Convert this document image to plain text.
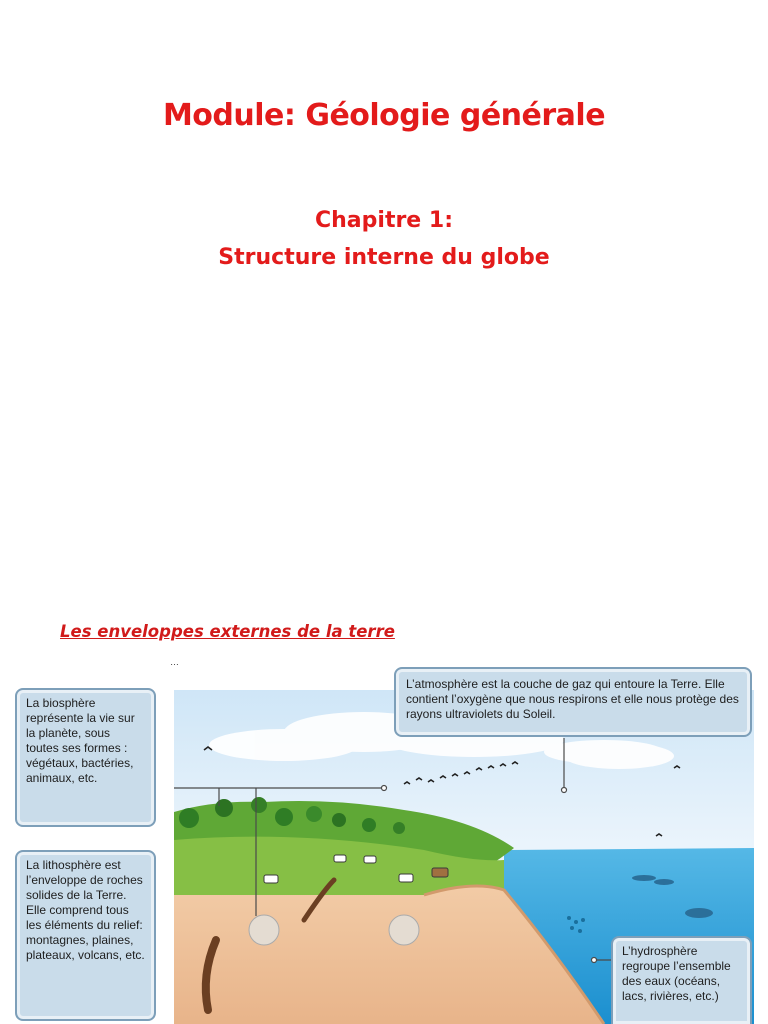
Module: Géologie générale
Chapitre 1:
Structure interne du globe
Les enveloppes externes de la terre
…
La biosphère représente la vie sur la planète, sous toutes ses formes : végétaux, bactéries, animaux, etc.
La lithosphère est l’enveloppe de roches solides de la Terre. Elle comprend tous les éléments du relief: montagnes, plaines, plateaux, volcans, etc.
L’atmosphère est la couche de gaz qui entoure la Terre. Elle contient l’oxygène que nous respirons et elle nous protège des rayons ultraviolets du Soleil.
L’hydrosphère regroupe l’ensemble des eaux (océans, lacs, rivières, etc.)
